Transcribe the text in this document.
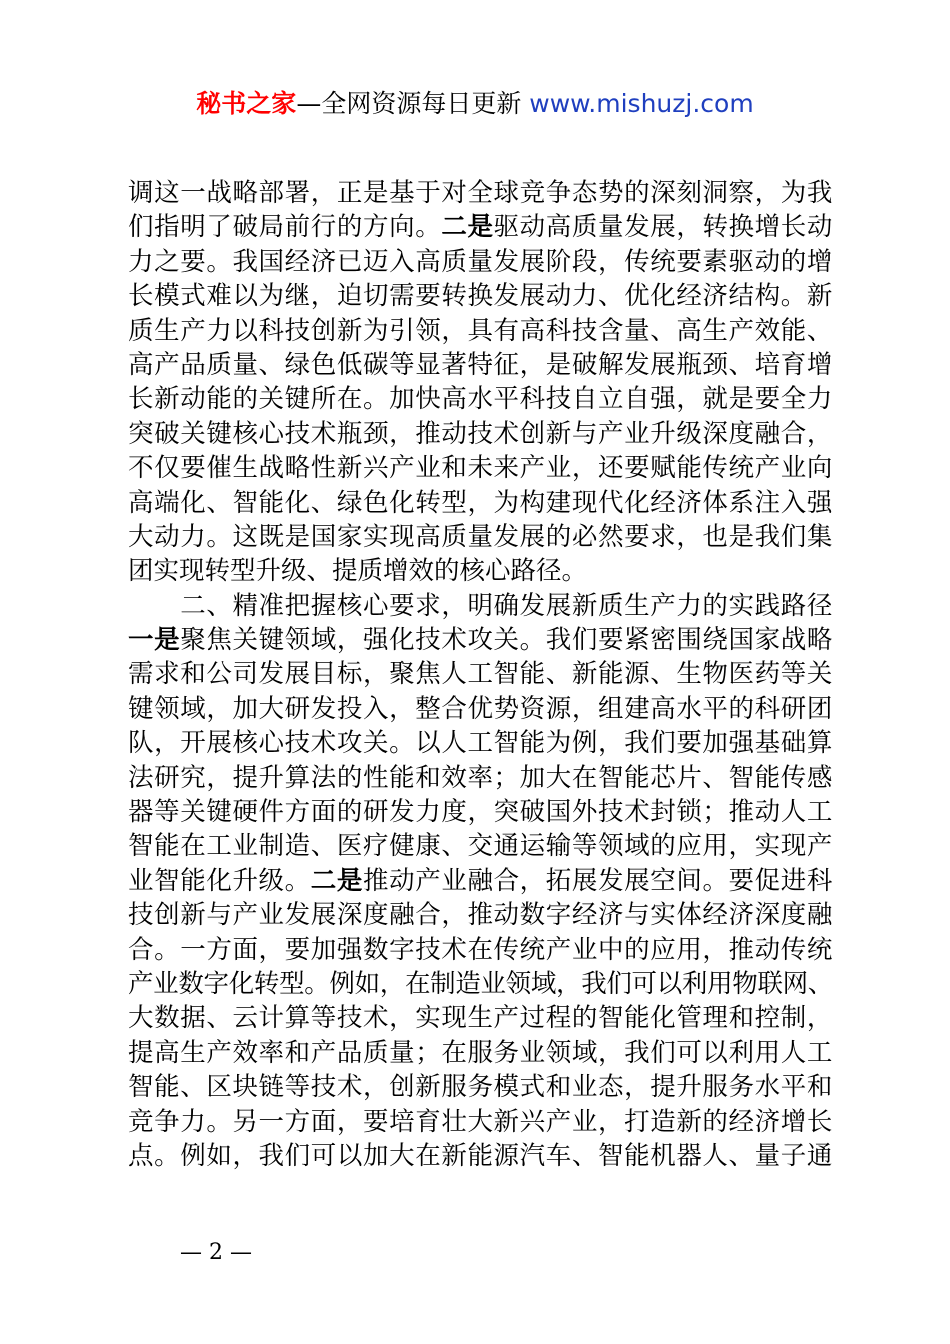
秘书之家—全网资源每日更新 www.mishuzj.com
调这一战略部署，正是基于对全球竞争态势的深刻洞察，为我
们指明了破局前行的方向。二是驱动高质量发展，转换增长动
力之要。我国经济已迈入高质量发展阶段，传统要素驱动的增
长模式难以为继，迫切需要转换发展动力、优化经济结构。新
质生产力以科技创新为引领，具有高科技含量、高生产效能、
高产品质量、绿色低碳等显著特征，是破解发展瓶颈、培育增
长新动能的关键所在。加快高水平科技自立自强，就是要全力
突破关键核心技术瓶颈，推动技术创新与产业升级深度融合，
不仅要催生战略性新兴产业和未来产业，还要赋能传统产业向
高端化、智能化、绿色化转型，为构建现代化经济体系注入强
大动力。这既是国家实现高质量发展的必然要求，也是我们集
团实现转型升级、提质增效的核心路径。
　　二、精准把握核心要求，明确发展新质生产力的实践路径
一是聚焦关键领域，强化技术攻关。我们要紧密围绕国家战略
需求和公司发展目标，聚焦人工智能、新能源、生物医药等关
键领域，加大研发投入，整合优势资源，组建高水平的科研团
队，开展核心技术攻关。以人工智能为例，我们要加强基础算
法研究，提升算法的性能和效率；加大在智能芯片、智能传感
器等关键硬件方面的研发力度，突破国外技术封锁；推动人工
智能在工业制造、医疗健康、交通运输等领域的应用，实现产
业智能化升级。二是推动产业融合，拓展发展空间。要促进科
技创新与产业发展深度融合，推动数字经济与实体经济深度融
合。一方面，要加强数字技术在传统产业中的应用，推动传统
产业数字化转型。例如，在制造业领域，我们可以利用物联网、
大数据、云计算等技术，实现生产过程的智能化管理和控制，
提高生产效率和产品质量；在服务业领域，我们可以利用人工
智能、区块链等技术，创新服务模式和业态，提升服务水平和
竞争力。另一方面，要培育壮大新兴产业，打造新的经济增长
点。例如，我们可以加大在新能源汽车、智能机器人、量子通
— 2 —
